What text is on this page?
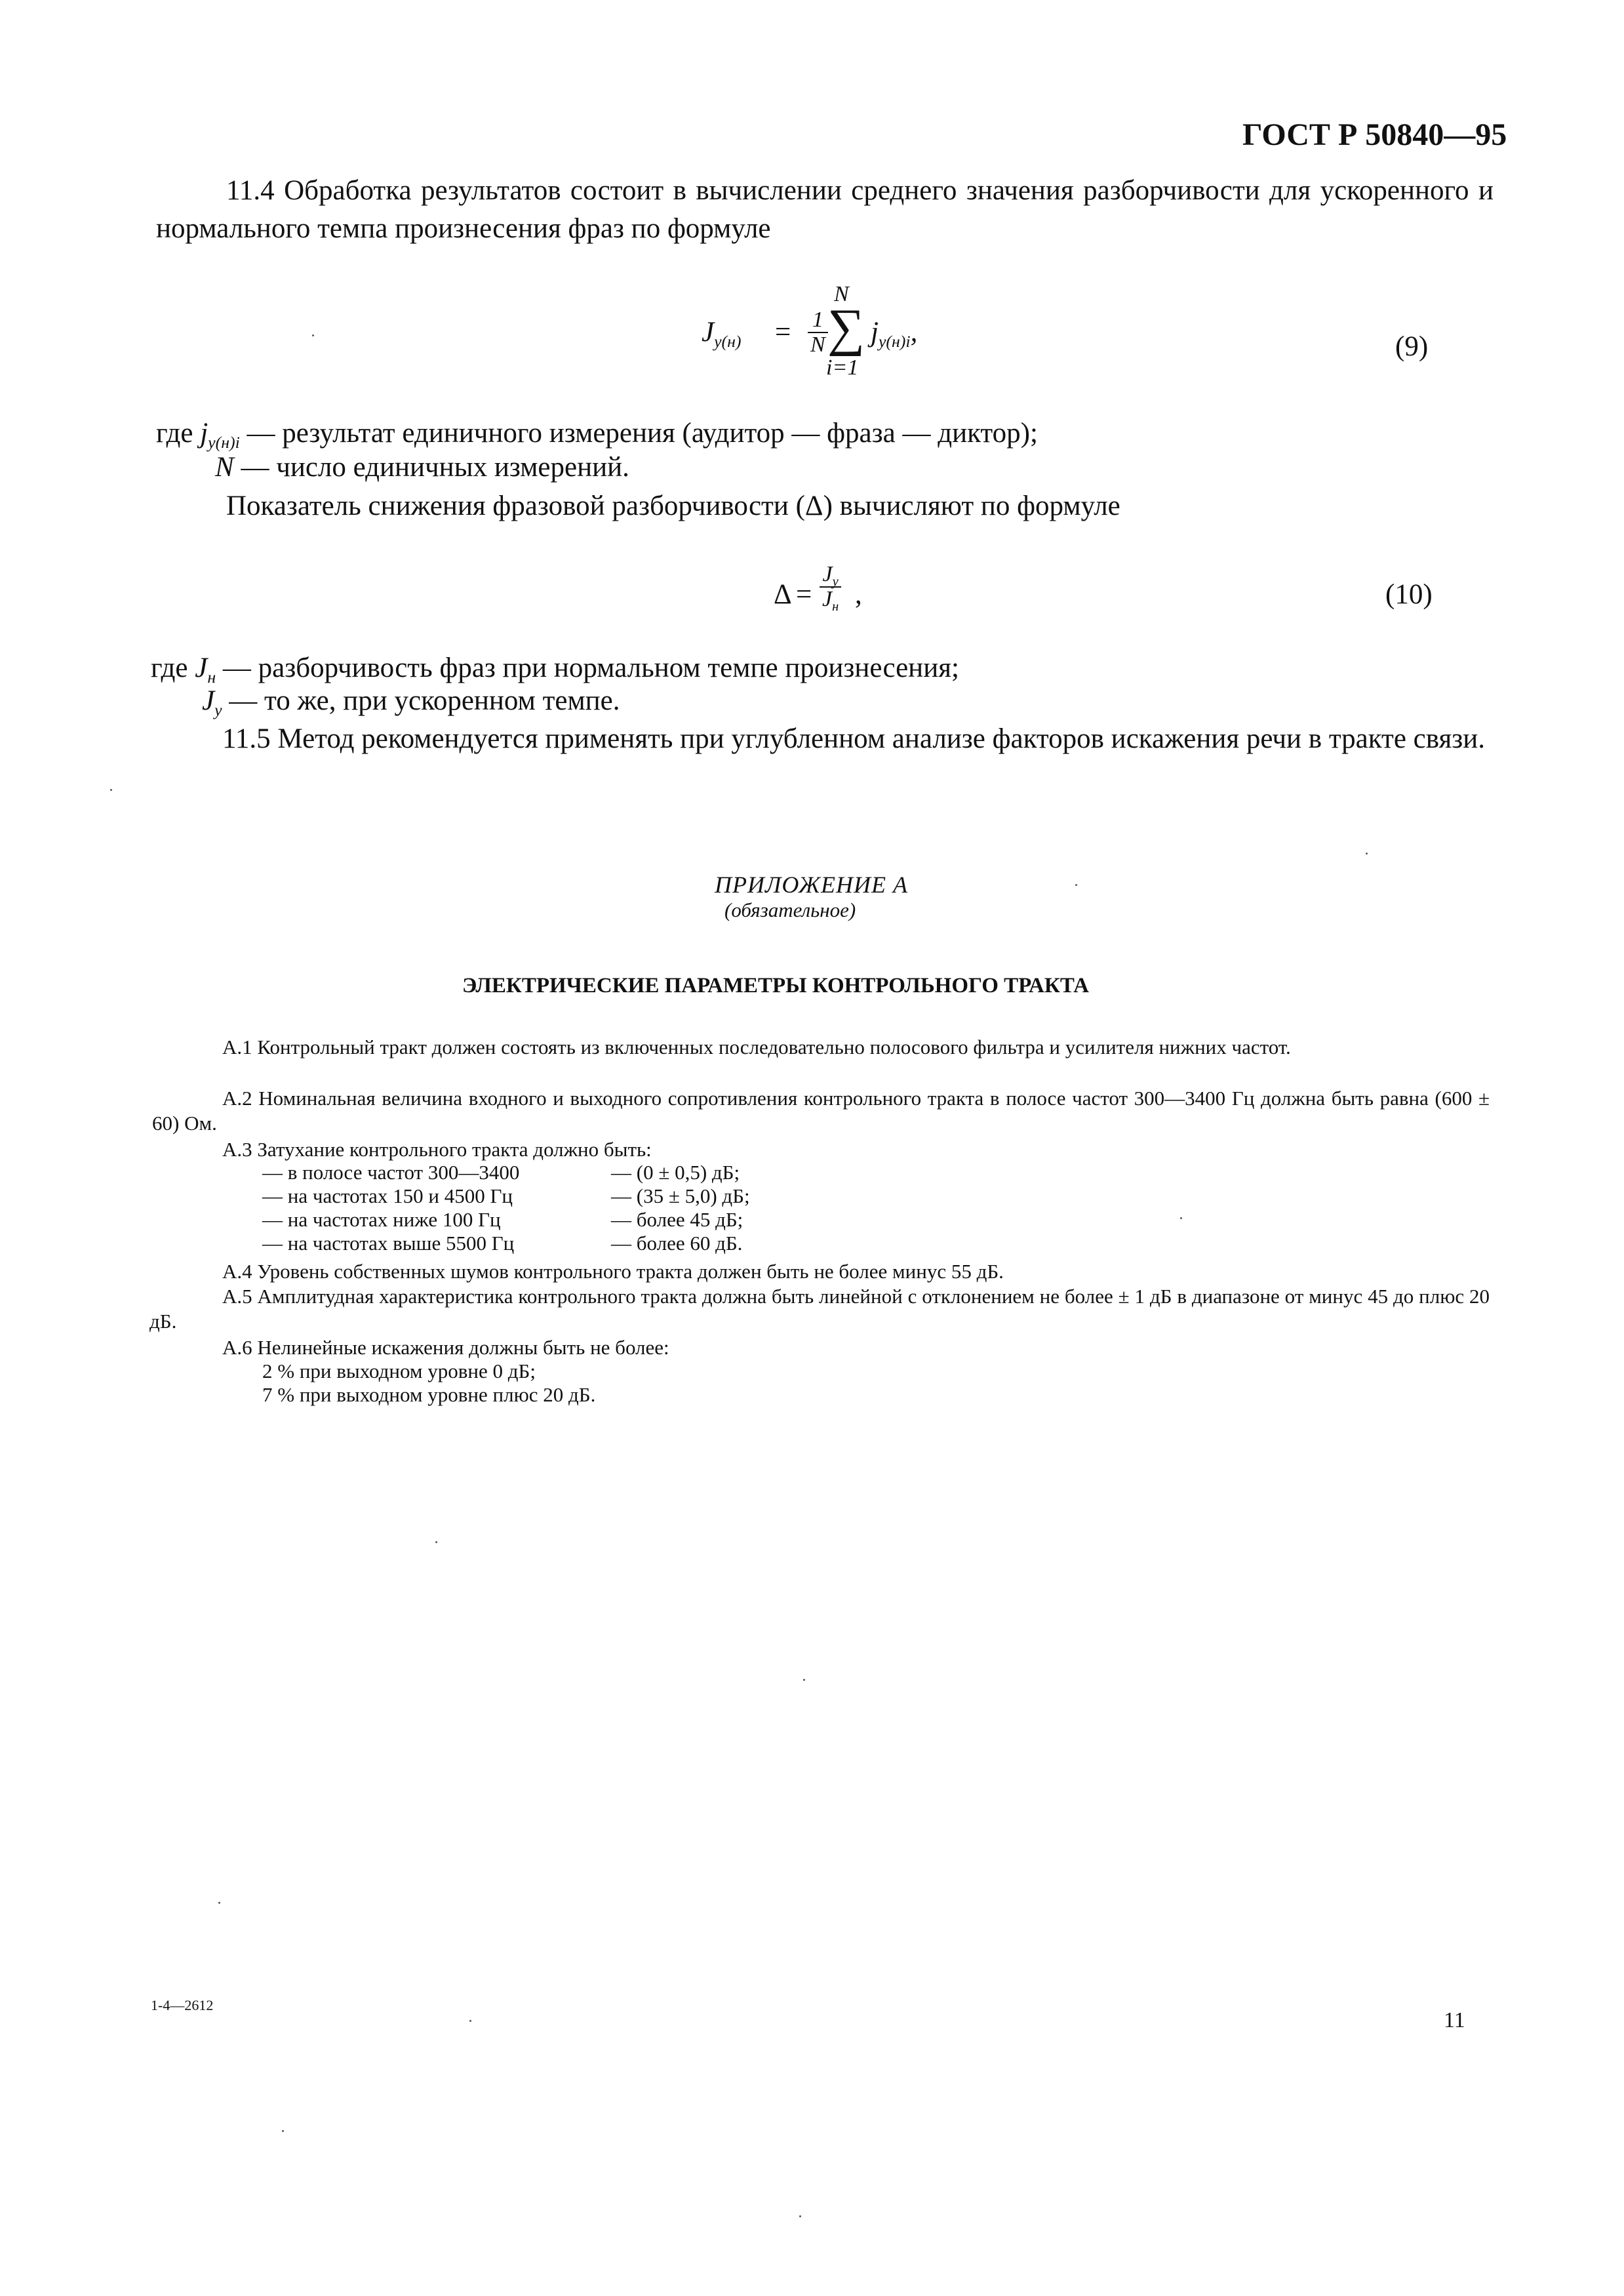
ГОСТ Р 50840—95
11.4 Обработка результатов состоит в вычислении среднего значения разборчивости для ускоренного и нормального темпа произнесения фраз по формуле
$J_{у(н)} = \frac{1}{N}$
N
∑
i=1
$j_{у(н)i}$,	(9)
где $j_{у(н)i}$ — результат единичного измерения (аудитор — фраза — диктор);
N — число единичных измерений.
Показатель снижения фразовой разборчивости (Δ) вычисляют по формуле
Δ =
$J_у$
$J_н$ ,	(10)
где $J_н$ — разборчивость фраз при нормальном темпе произнесения;
$J_у$ — то же, при ускоренном темпе.
11.5 Метод рекомендуется применять при углубленном анализе факторов искажения речи в тракте связи.
ПРИЛОЖЕНИЕ А
(обязательное)
ЭЛЕКТРИЧЕСКИЕ ПАРАМЕТРЫ КОНТРОЛЬНОГО ТРАКТА
А.1 Контрольный тракт должен состоять из включенных последовательно полосового фильтра и усилителя нижних частот.
А.2 Номинальная величина входного и выходного сопротивления контрольного тракта в полосе частот 300—3400 Гц должна быть равна (600 ± 60) Ом.
А.3 Затухание контрольного тракта должно быть:
— в полосе частот 300—3400	— (0 ± 0,5) дБ;
— на частотах 150 и 4500 Гц	— (35 ± 5,0) дБ;
— на частотах ниже 100 Гц	— более 45 дБ;
— на частотах выше 5500 Гц	— более 60 дБ.
А.4 Уровень собственных шумов контрольного тракта должен быть не более минус 55 дБ.
А.5 Амплитудная характеристика контрольного тракта должна быть линейной с отклонением не более ± 1 дБ в диапазоне от минус 45 до плюс 20 дБ.
А.6 Нелинейные искажения должны быть не более:
2 % при выходном уровне 0 дБ;
7 % при выходном уровне плюс 20 дБ.
1-4—2612
11
